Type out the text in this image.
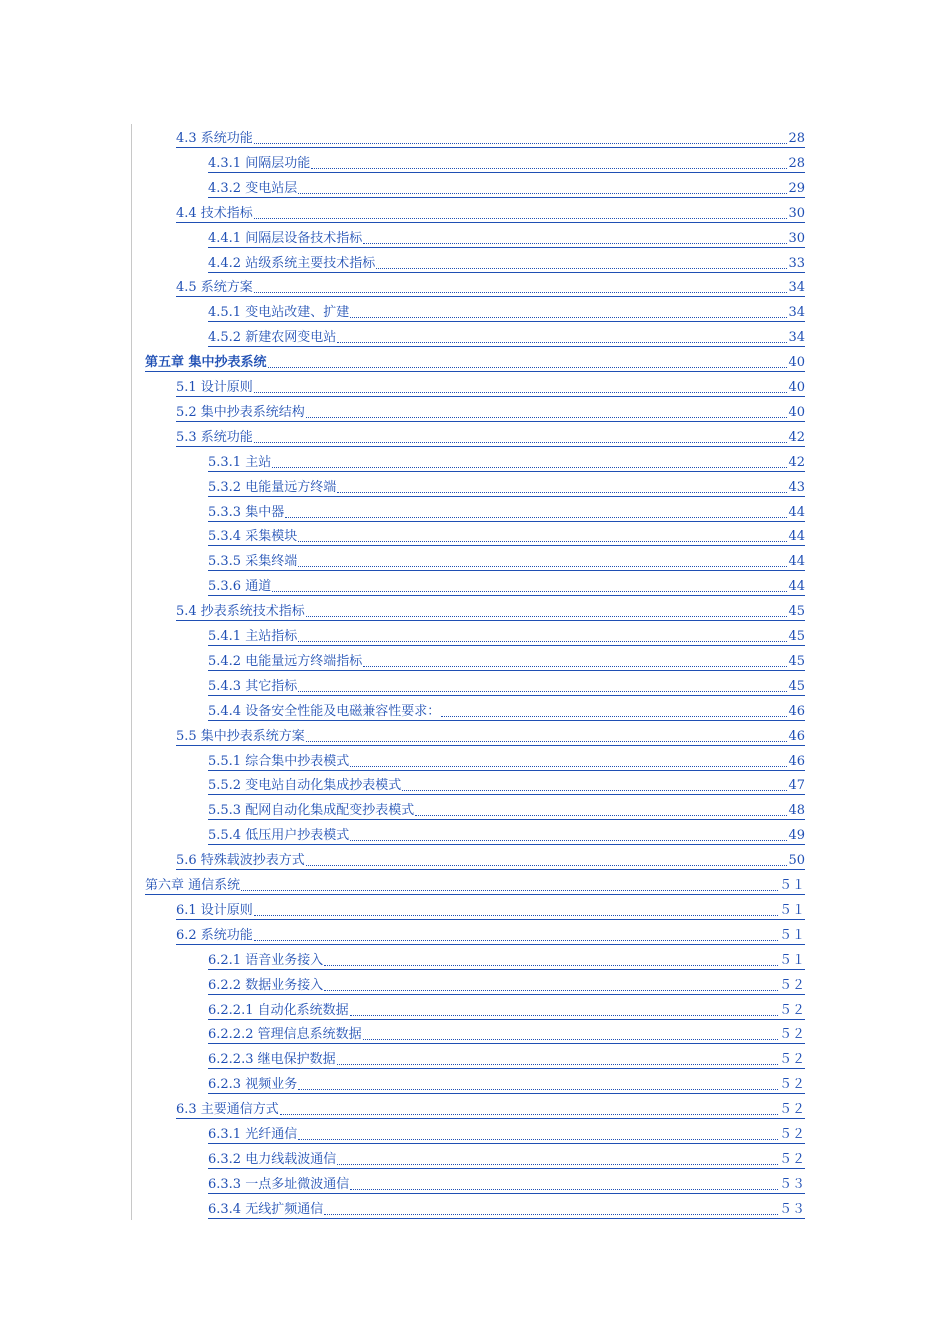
4.3 系统功能	28
4.3.1 间隔层功能	28
4.3.2 变电站层	29
4.4 技术指标	30
4.4.1 间隔层设备技术指标	30
4.4.2 站级系统主要技术指标	33
4.5 系统方案	34
4.5.1 变电站改建、扩建	34
4.5.2 新建农网变电站	34
第五章 集中抄表系统	40
5.1 设计原则	40
5.2 集中抄表系统结构	40
5.3 系统功能	42
5.3.1 主站	42
5.3.2 电能量远方终端	43
5.3.3 集中器	44
5.3.4 采集模块	44
5.3.5 采集终端	44
5.3.6 通道	44
5.4 抄表系统技术指标	45
5.4.1 主站指标	45
5.4.2 电能量远方终端指标	45
5.4.3 其它指标	45
5.4.4 设备安全性能及电磁兼容性要求：	46
5.5 集中抄表系统方案	46
5.5.1 综合集中抄表模式	46
5.5.2 变电站自动化集成抄表模式	47
5.5.3 配网自动化集成配变抄表模式	48
5.5.4 低压用户抄表模式	49
5.6 特殊载波抄表方式	50
第六章 通信系统	５１
6.1 设计原则	５１
6.2 系统功能	５１
6.2.1 语音业务接入	５１
6.2.2 数据业务接入	５２
6.2.2.1 自动化系统数据	５２
6.2.2.2 管理信息系统数据	５２
6.2.2.3 继电保护数据	５２
6.2.3 视频业务	５２
6.3 主要通信方式	５２
6.3.1 光纤通信	５２
6.3.2 电力线载波通信	５２
6.3.3 一点多址微波通信	５３
6.3.4 无线扩频通信	５３
